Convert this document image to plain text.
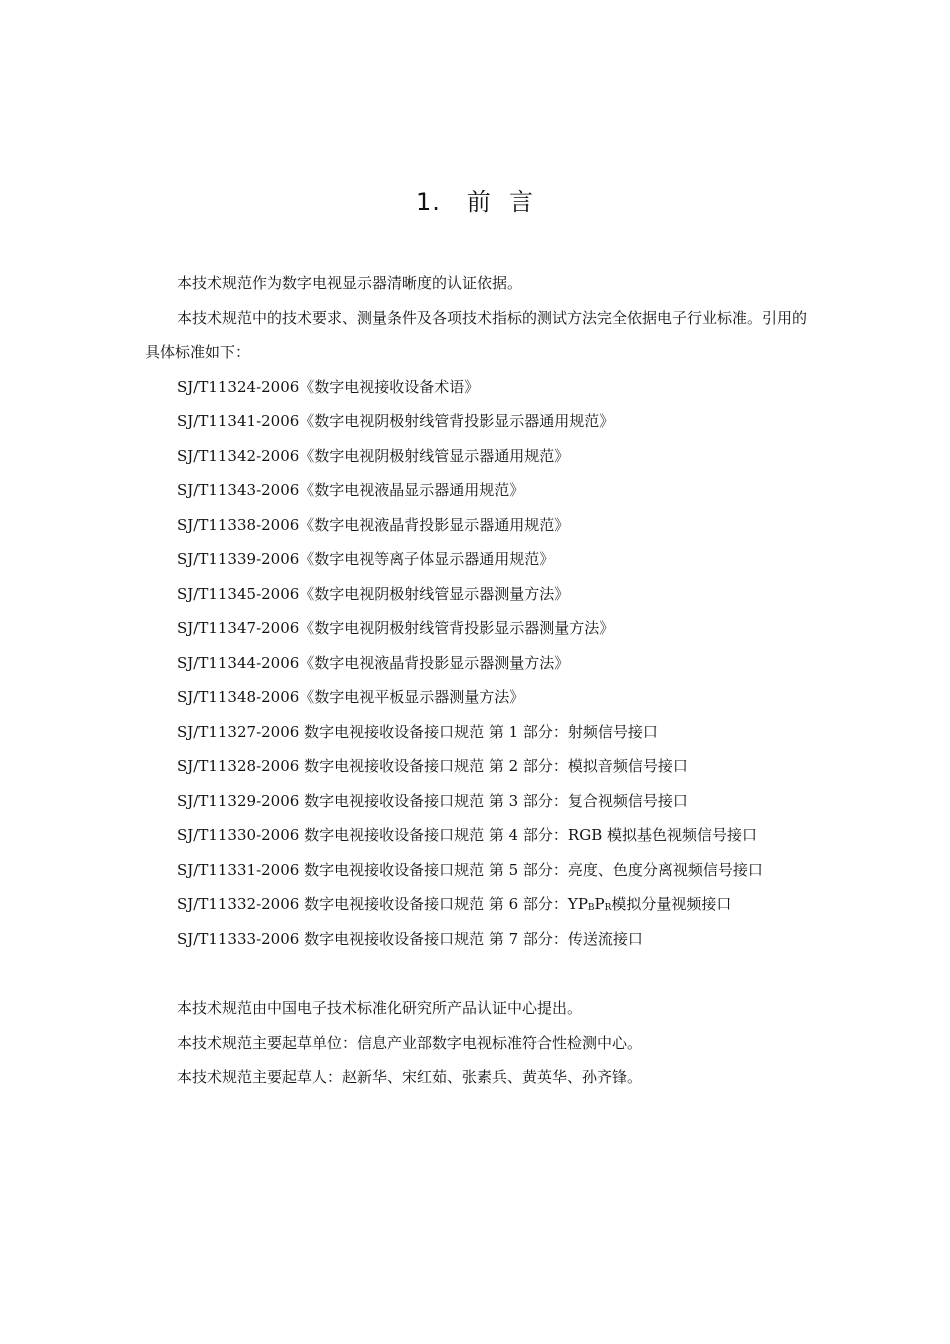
1.   前  言

本技术规范作为数字电视显示器清晰度的认证依据。

本技术规范中的技术要求、测量条件及各项技术指标的测试方法完全依据电子行业标准。引用的具体标准如下：

SJ/T11324-2006《数字电视接收设备术语》

SJ/T11341-2006《数字电视阴极射线管背投影显示器通用规范》

SJ/T11342-2006《数字电视阴极射线管显示器通用规范》

SJ/T11343-2006《数字电视液晶显示器通用规范》

SJ/T11338-2006《数字电视液晶背投影显示器通用规范》

SJ/T11339-2006《数字电视等离子体显示器通用规范》

SJ/T11345-2006《数字电视阴极射线管显示器测量方法》

SJ/T11347-2006《数字电视阴极射线管背投影显示器测量方法》

SJ/T11344-2006《数字电视液晶背投影显示器测量方法》

SJ/T11348-2006《数字电视平板显示器测量方法》

SJ/T11327-2006 数字电视接收设备接口规范 第 1 部分：射频信号接口

SJ/T11328-2006 数字电视接收设备接口规范 第 2 部分：模拟音频信号接口

SJ/T11329-2006 数字电视接收设备接口规范 第 3 部分：复合视频信号接口

SJ/T11330-2006 数字电视接收设备接口规范 第 4 部分：RGB 模拟基色视频信号接口

SJ/T11331-2006 数字电视接收设备接口规范 第 5 部分：亮度、色度分离视频信号接口

SJ/T11332-2006 数字电视接收设备接口规范 第 6 部分：$YP_BP_R$模拟分量视频接口

SJ/T11333-2006 数字电视接收设备接口规范 第 7 部分：传送流接口

本技术规范由中国电子技术标准化研究所产品认证中心提出。

本技术规范主要起草单位：信息产业部数字电视标准符合性检测中心。

本技术规范主要起草人：赵新华、宋红茹、张素兵、黄英华、孙齐锋。
